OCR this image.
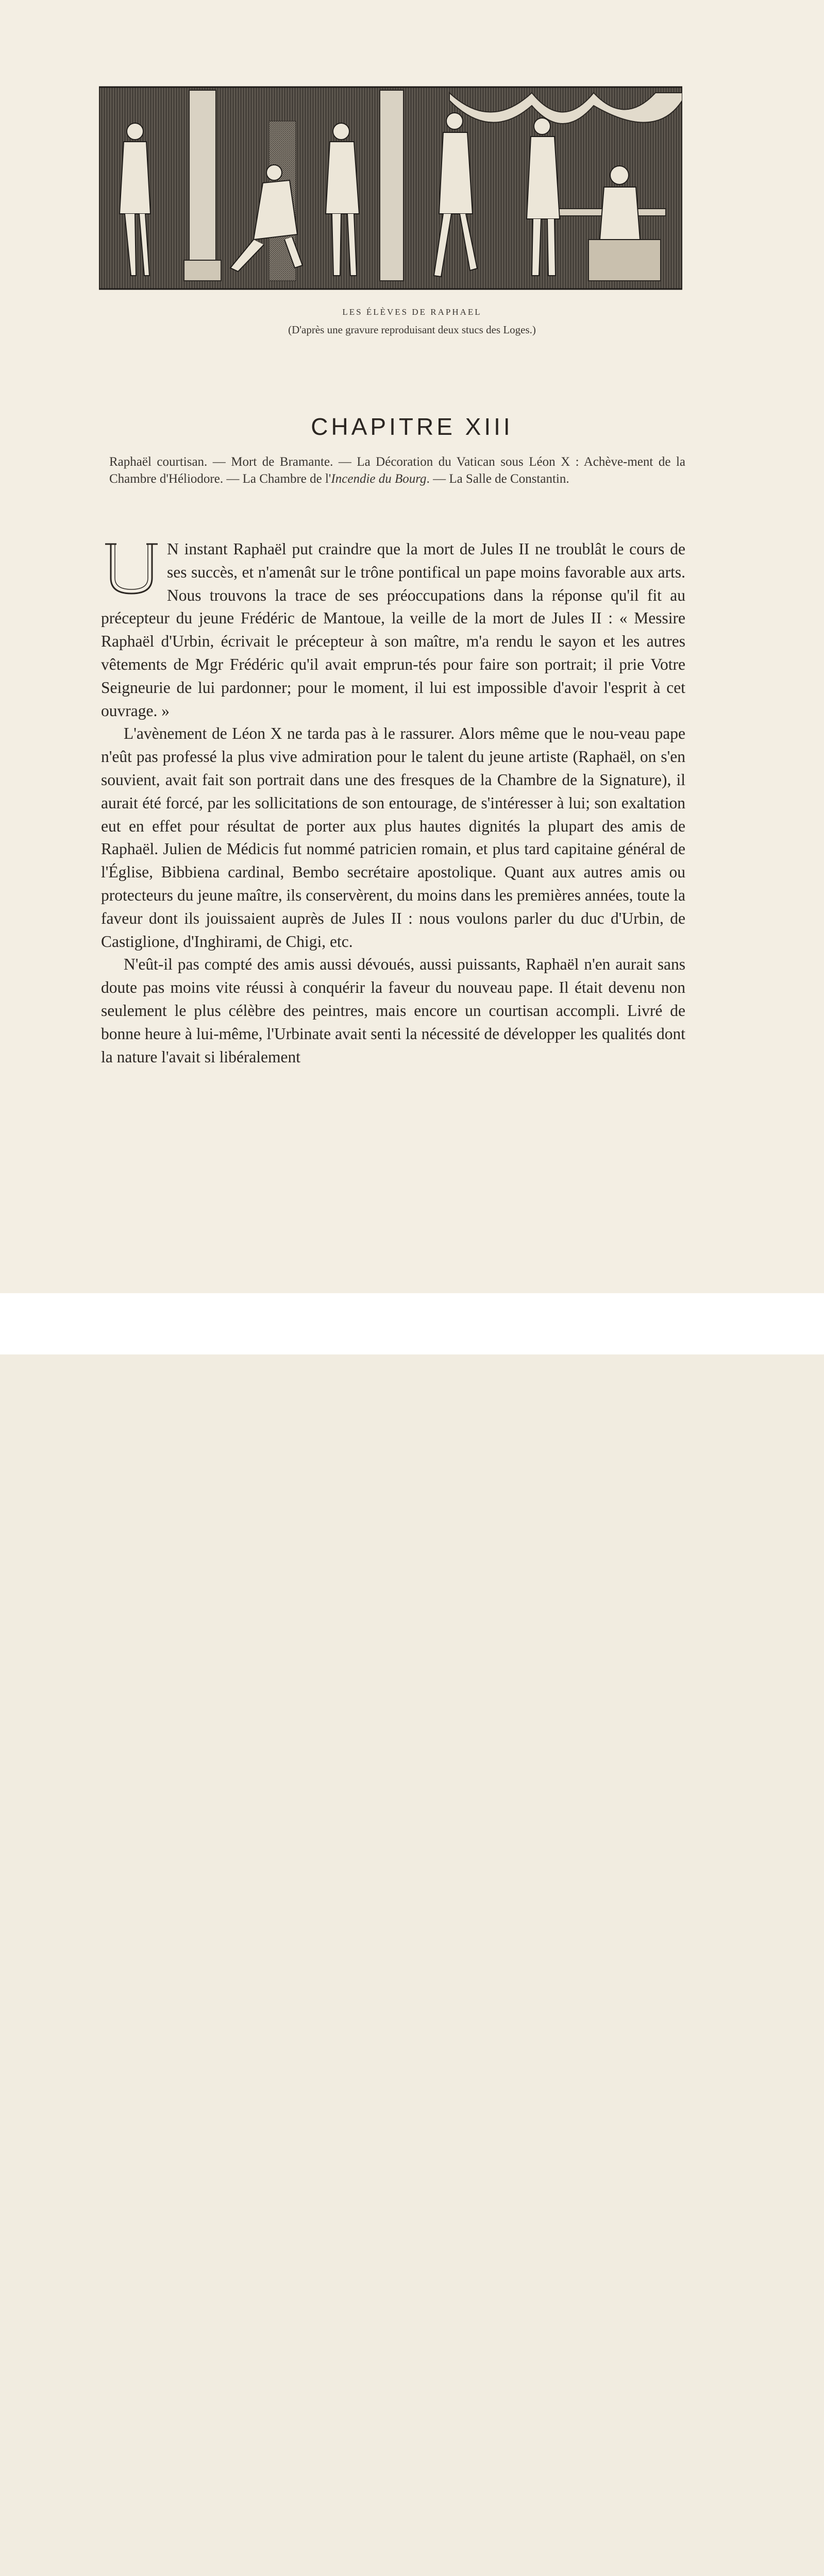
LES ÉLÈVES DE RAPHAEL
(D'après une gravure reproduisant deux stucs des Loges.)
CHAPITRE XIII
Raphaël courtisan. — Mort de Bramante. — La Décoration du Vatican sous Léon X : Achève-ment de la Chambre d'Héliodore. — La Chambre de l'Incendie du Bourg. — La Salle de Constantin.

N instant Raphaël put craindre que la mort de Jules II ne troublât le cours de ses succès, et n'amenât sur le trône pontifical un pape moins favorable aux arts. Nous trouvons la trace de ses préoccupations dans la réponse qu'il fit au précepteur du jeune Frédéric de Mantoue, la veille de la mort de Jules II : « Messire Raphaël d'Urbin, écrivait le précepteur à son maître, m'a rendu le sayon et les autres vêtements de Mgr Frédéric qu'il avait emprun-tés pour faire son portrait; il prie Votre Seigneurie de lui pardonner; pour le moment, il lui est impossible d'avoir l'esprit à cet ouvrage. »

L'avènement de Léon X ne tarda pas à le rassurer. Alors même que le nou-veau pape n'eût pas professé la plus vive admiration pour le talent du jeune artiste (Raphaël, on s'en souvient, avait fait son portrait dans une des fresques de la Chambre de la Signature), il aurait été forcé, par les sollicitations de son entourage, de s'intéresser à lui; son exaltation eut en effet pour résultat de porter aux plus hautes dignités la plupart des amis de Raphaël. Julien de Médicis fut nommé patricien romain, et plus tard capitaine général de l'Église, Bibbiena cardinal, Bembo secrétaire apostolique. Quant aux autres amis ou protecteurs du jeune maître, ils conservèrent, du moins dans les premières années, toute la faveur dont ils jouissaient auprès de Jules II : nous voulons parler du duc d'Urbin, de Castiglione, d'Inghirami, de Chigi, etc.

N'eût-il pas compté des amis aussi dévoués, aussi puissants, Raphaël n'en aurait sans doute pas moins vite réussi à conquérir la faveur du nouveau pape. Il était devenu non seulement le plus célèbre des peintres, mais encore un courtisan accompli. Livré de bonne heure à lui-même, l'Urbinate avait senti la nécessité de développer les qualités dont la nature l'avait si libéralement
